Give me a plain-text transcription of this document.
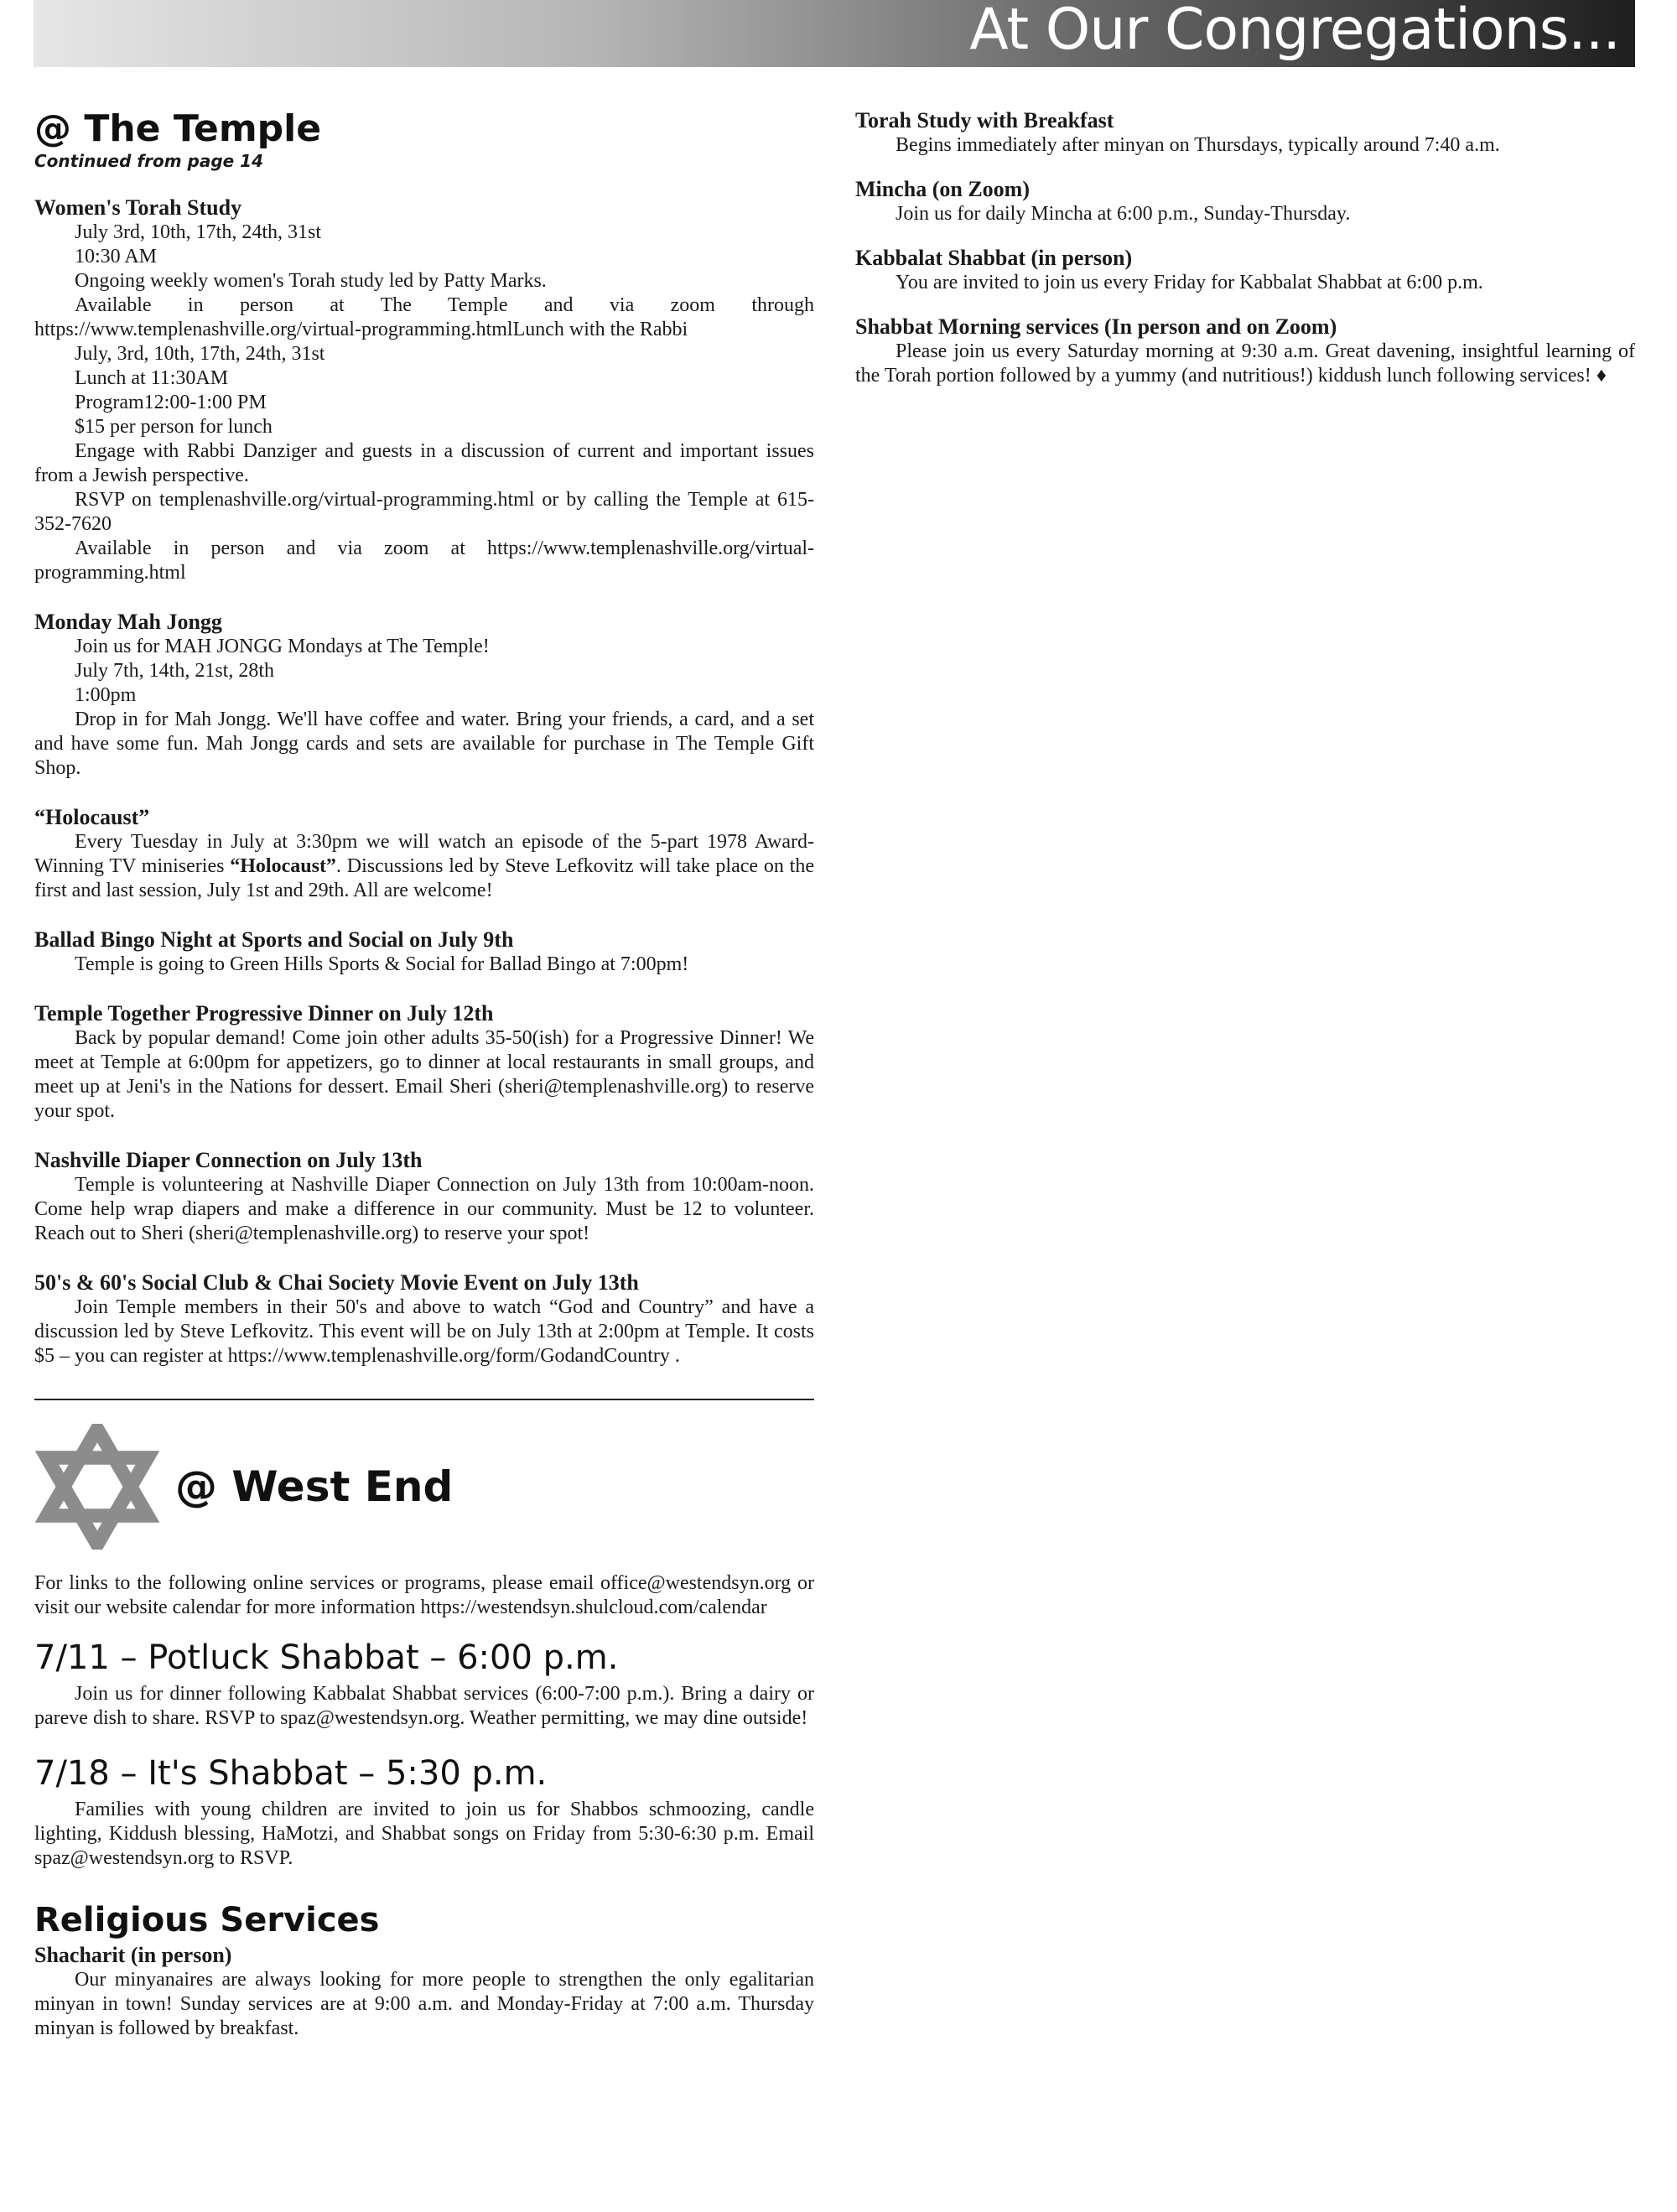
At Our Congregations...
@ The Temple

Continued from page 14

Women's Torah Study

July 3rd, 10th, 17th, 24th, 31st

10:30 AM

Ongoing weekly women's Torah study led by Patty Marks.

Available in person at The Temple and via zoom through https://www.templenashville.org/virtual-programming.htmlLunch with the Rabbi

July, 3rd, 10th, 17th, 24th, 31st

Lunch at 11:30AM

Program12:00-1:00 PM

$15 per person for lunch

Engage with Rabbi Danziger and guests in a discussion of current and important issues from a Jewish perspective.

RSVP on templenashville.org/virtual-programming.html or by calling the Temple at 615-352-7620

Available in person and via zoom at https://www.templenashville.org/virtual-programming.html

Monday Mah Jongg

Join us for MAH JONGG Mondays at The Temple!

July 7th, 14th, 21st, 28th

1:00pm

Drop in for Mah Jongg. We'll have coffee and water. Bring your friends, a card, and a set and have some fun. Mah Jongg cards and sets are available for purchase in The Temple Gift Shop.

“Holocaust”

Every Tuesday in July at 3:30pm we will watch an episode of the 5-part 1978 Award-Winning TV miniseries “Holocaust”. Discussions led by Steve Lefkovitz will take place on the first and last session, July 1st and 29th. All are welcome!

Ballad Bingo Night at Sports and Social on July 9th

Temple is going to Green Hills Sports & Social for Ballad Bingo at 7:00pm!

Temple Together Progressive Dinner on July 12th

Back by popular demand! Come join other adults 35-50(ish) for a Progressive Dinner! We meet at Temple at 6:00pm for appetizers, go to dinner at local restaurants in small groups, and meet up at Jeni's in the Nations for dessert. Email Sheri (sheri@templenashville.org) to reserve your spot.

Nashville Diaper Connection on July 13th

Temple is volunteering at Nashville Diaper Connection on July 13th from 10:00am-noon. Come help wrap diapers and make a difference in our community. Must be 12 to volunteer. Reach out to Sheri (sheri@templenashville.org) to reserve your spot!

50's & 60's Social Club & Chai Society Movie Event on July 13th

Join Temple members in their 50's and above to watch “God and Country” and have a discussion led by Steve Lefkovitz. This event will be on July 13th at 2:00pm at Temple. It costs $5 – you can register at https://www.templenashville.org/form/GodandCountry .

@ West End

For links to the following online services or programs, please email office@westendsyn.org or visit our website calendar for more information https://westendsyn.shulcloud.com/calendar

7/11 – Potluck Shabbat – 6:00 p.m.

Join us for dinner following Kabbalat Shabbat services (6:00-7:00 p.m.). Bring a dairy or pareve dish to share. RSVP to spaz@westendsyn.org. Weather permitting, we may dine outside!

7/18 – It's Shabbat – 5:30 p.m.

Families with young children are invited to join us for Shabbos schmoozing, candle lighting, Kiddush blessing, HaMotzi, and Shabbat songs on Friday from 5:30-6:30 p.m. Email spaz@westendsyn.org to RSVP.

Religious Services

Shacharit (in person)

Our minyanaires are always looking for more people to strengthen the only egalitarian minyan in town! Sunday services are at 9:00 a.m. and Monday-Friday at 7:00 a.m. Thursday minyan is followed by breakfast.

Torah Study with Breakfast

Begins immediately after minyan on Thursdays, typically around 7:40 a.m.

Mincha (on Zoom)

Join us for daily Mincha at 6:00 p.m., Sunday-Thursday.

Kabbalat Shabbat (in person)

You are invited to join us every Friday for Kabbalat Shabbat at 6:00 p.m.

Shabbat Morning services (In person and on Zoom)

Please join us every Saturday morning at 9:30 a.m. Great davening, insightful learning of the Torah portion followed by a yummy (and nutritious!) kiddush lunch following services! ♦
